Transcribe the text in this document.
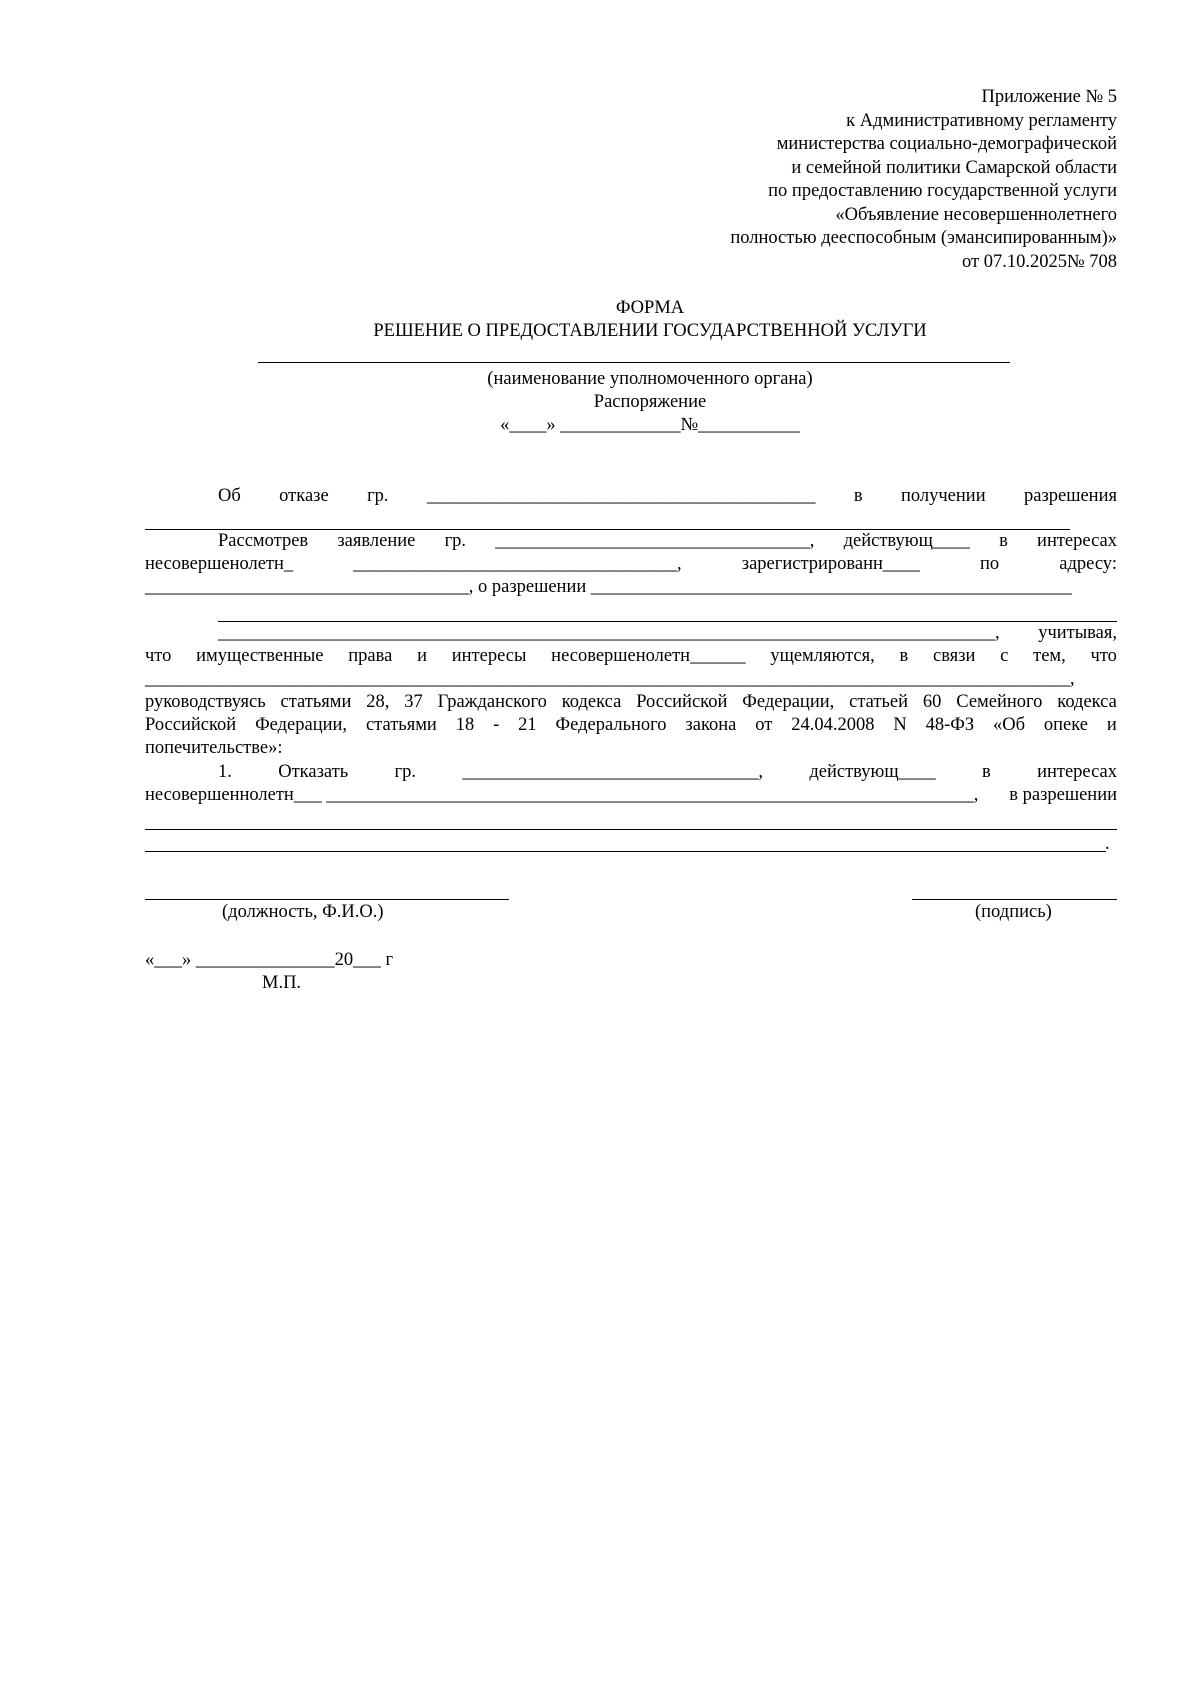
Приложение № 5
к Административному регламенту
министерства социально-демографической
и семейной политики Самарской области
по предоставлению государственной услуги
«Объявление несовершеннолетнего
полностью дееспособным (эманcипированным)»
от 07.10.2025№ 708
ФОРМА
РЕШЕНИЕ О ПРЕДОСТАВЛЕНИИ ГОСУДАРСТВЕННОЙ УСЛУГИ
(наименование уполномоченного органа)
Распоряжение
«____» _____________№___________
Об отказе гр. __________________________________________ в получении разрешения
Рассмотрев заявление гр. __________________________________, действующ____ в интересах
несовершенолетн_	___________________________________,	зарегистрированн____	по	адресу:
___________________________________, о разрешении ____________________________________________________
____________________________________________________________________________________, учитывая,
что имущественные права и интересы несовершенолетн______ ущемляются, в связи с тем, что
____________________________________________________________________________________________________,
руководствуясь статьями 28, 37 Гражданского кодекса Российской Федерации, статьей 60 Семейного кодекса
Российской Федерации, статьями 18 - 21 Федерального закона от 24.04.2008 N 48-ФЗ «Об опеке и
попечительстве»:
1.	Отказать	гр.	________________________________,	действующ____	в	интересах
несовершеннолетн___ ______________________________________________________________________, в разрешении
.
(должность, Ф.И.О.)	(подпись)
«___» _______________20___ г
М.П.
